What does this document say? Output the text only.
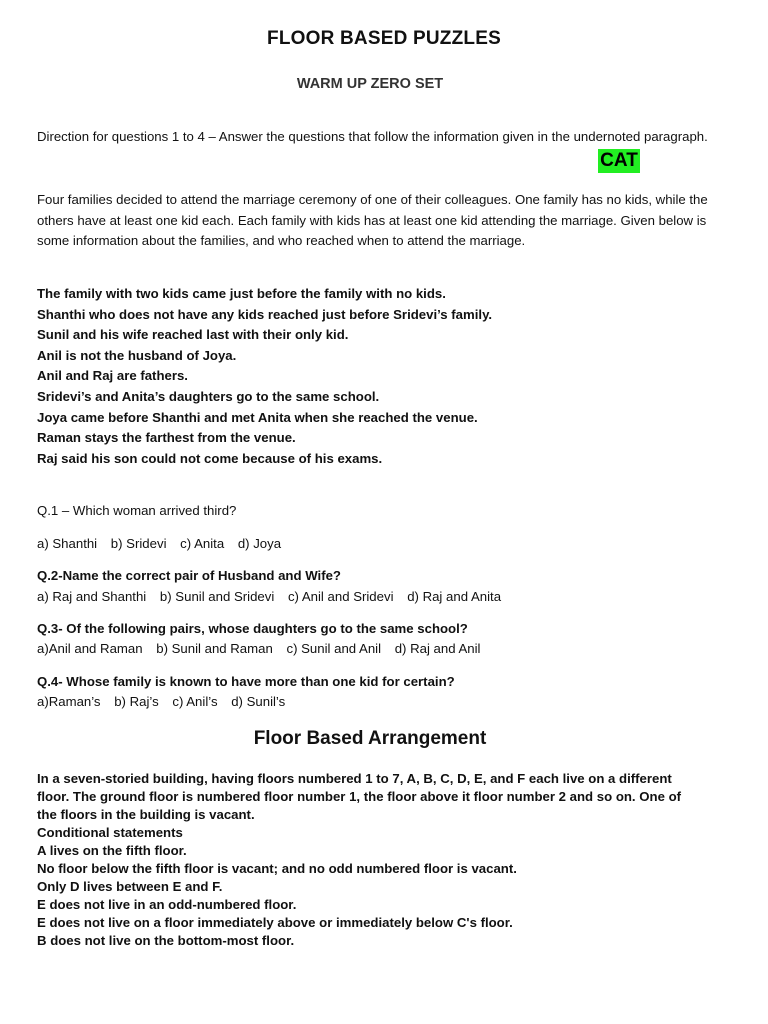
FLOOR BASED PUZZLES
WARM UP ZERO SET
Direction for questions 1 to 4 – Answer the questions that follow the information given in the undernoted paragraph.
CAT
Four families decided to attend the marriage ceremony of one of their colleagues. One family has no kids, while the others have at least one kid each. Each family with kids has at least one kid attending the marriage. Given below is some information about the families, and who reached when to attend the marriage.
The family with two kids came just before the family with no kids.
Shanthi who does not have any kids reached just before Sridevi’s family.
Sunil and his wife reached last with their only kid.
Anil is not the husband of Joya.
Anil and Raj are fathers.
Sridevi’s and Anita’s daughters go to the same school.
Joya came before Shanthi and met Anita when she reached the venue.
Raman stays the farthest from the venue.
Raj said his son could not come because of his exams.
Q.1 – Which woman arrived third?
a) Shanthi b) Sridevi c) Anita d) Joya
Q.2-Name the correct pair of Husband and Wife?
a) Raj and Shanthi b) Sunil and Sridevi c) Anil and Sridevi d) Raj and Anita
Q.3- Of the following pairs, whose daughters go to the same school?
a)Anil and Raman b) Sunil and Raman c) Sunil and Anil d) Raj and Anil
Q.4- Whose family is known to have more than one kid for certain?
a)Raman’s b) Raj’s c) Anil’s d) Sunil’s
Floor Based Arrangement
In a seven-storied building, having floors numbered 1 to 7, A, B, C, D, E, and F each live on a different
floor. The ground floor is numbered floor number 1, the floor above it floor number 2 and so on. One of
the floors in the building is vacant.
Conditional statements
A lives on the fifth floor.
No floor below the fifth floor is vacant; and no odd numbered floor is vacant.
Only D lives between E and F.
E does not live in an odd-numbered floor.
E does not live on a floor immediately above or immediately below C's floor.
B does not live on the bottom-most floor.
